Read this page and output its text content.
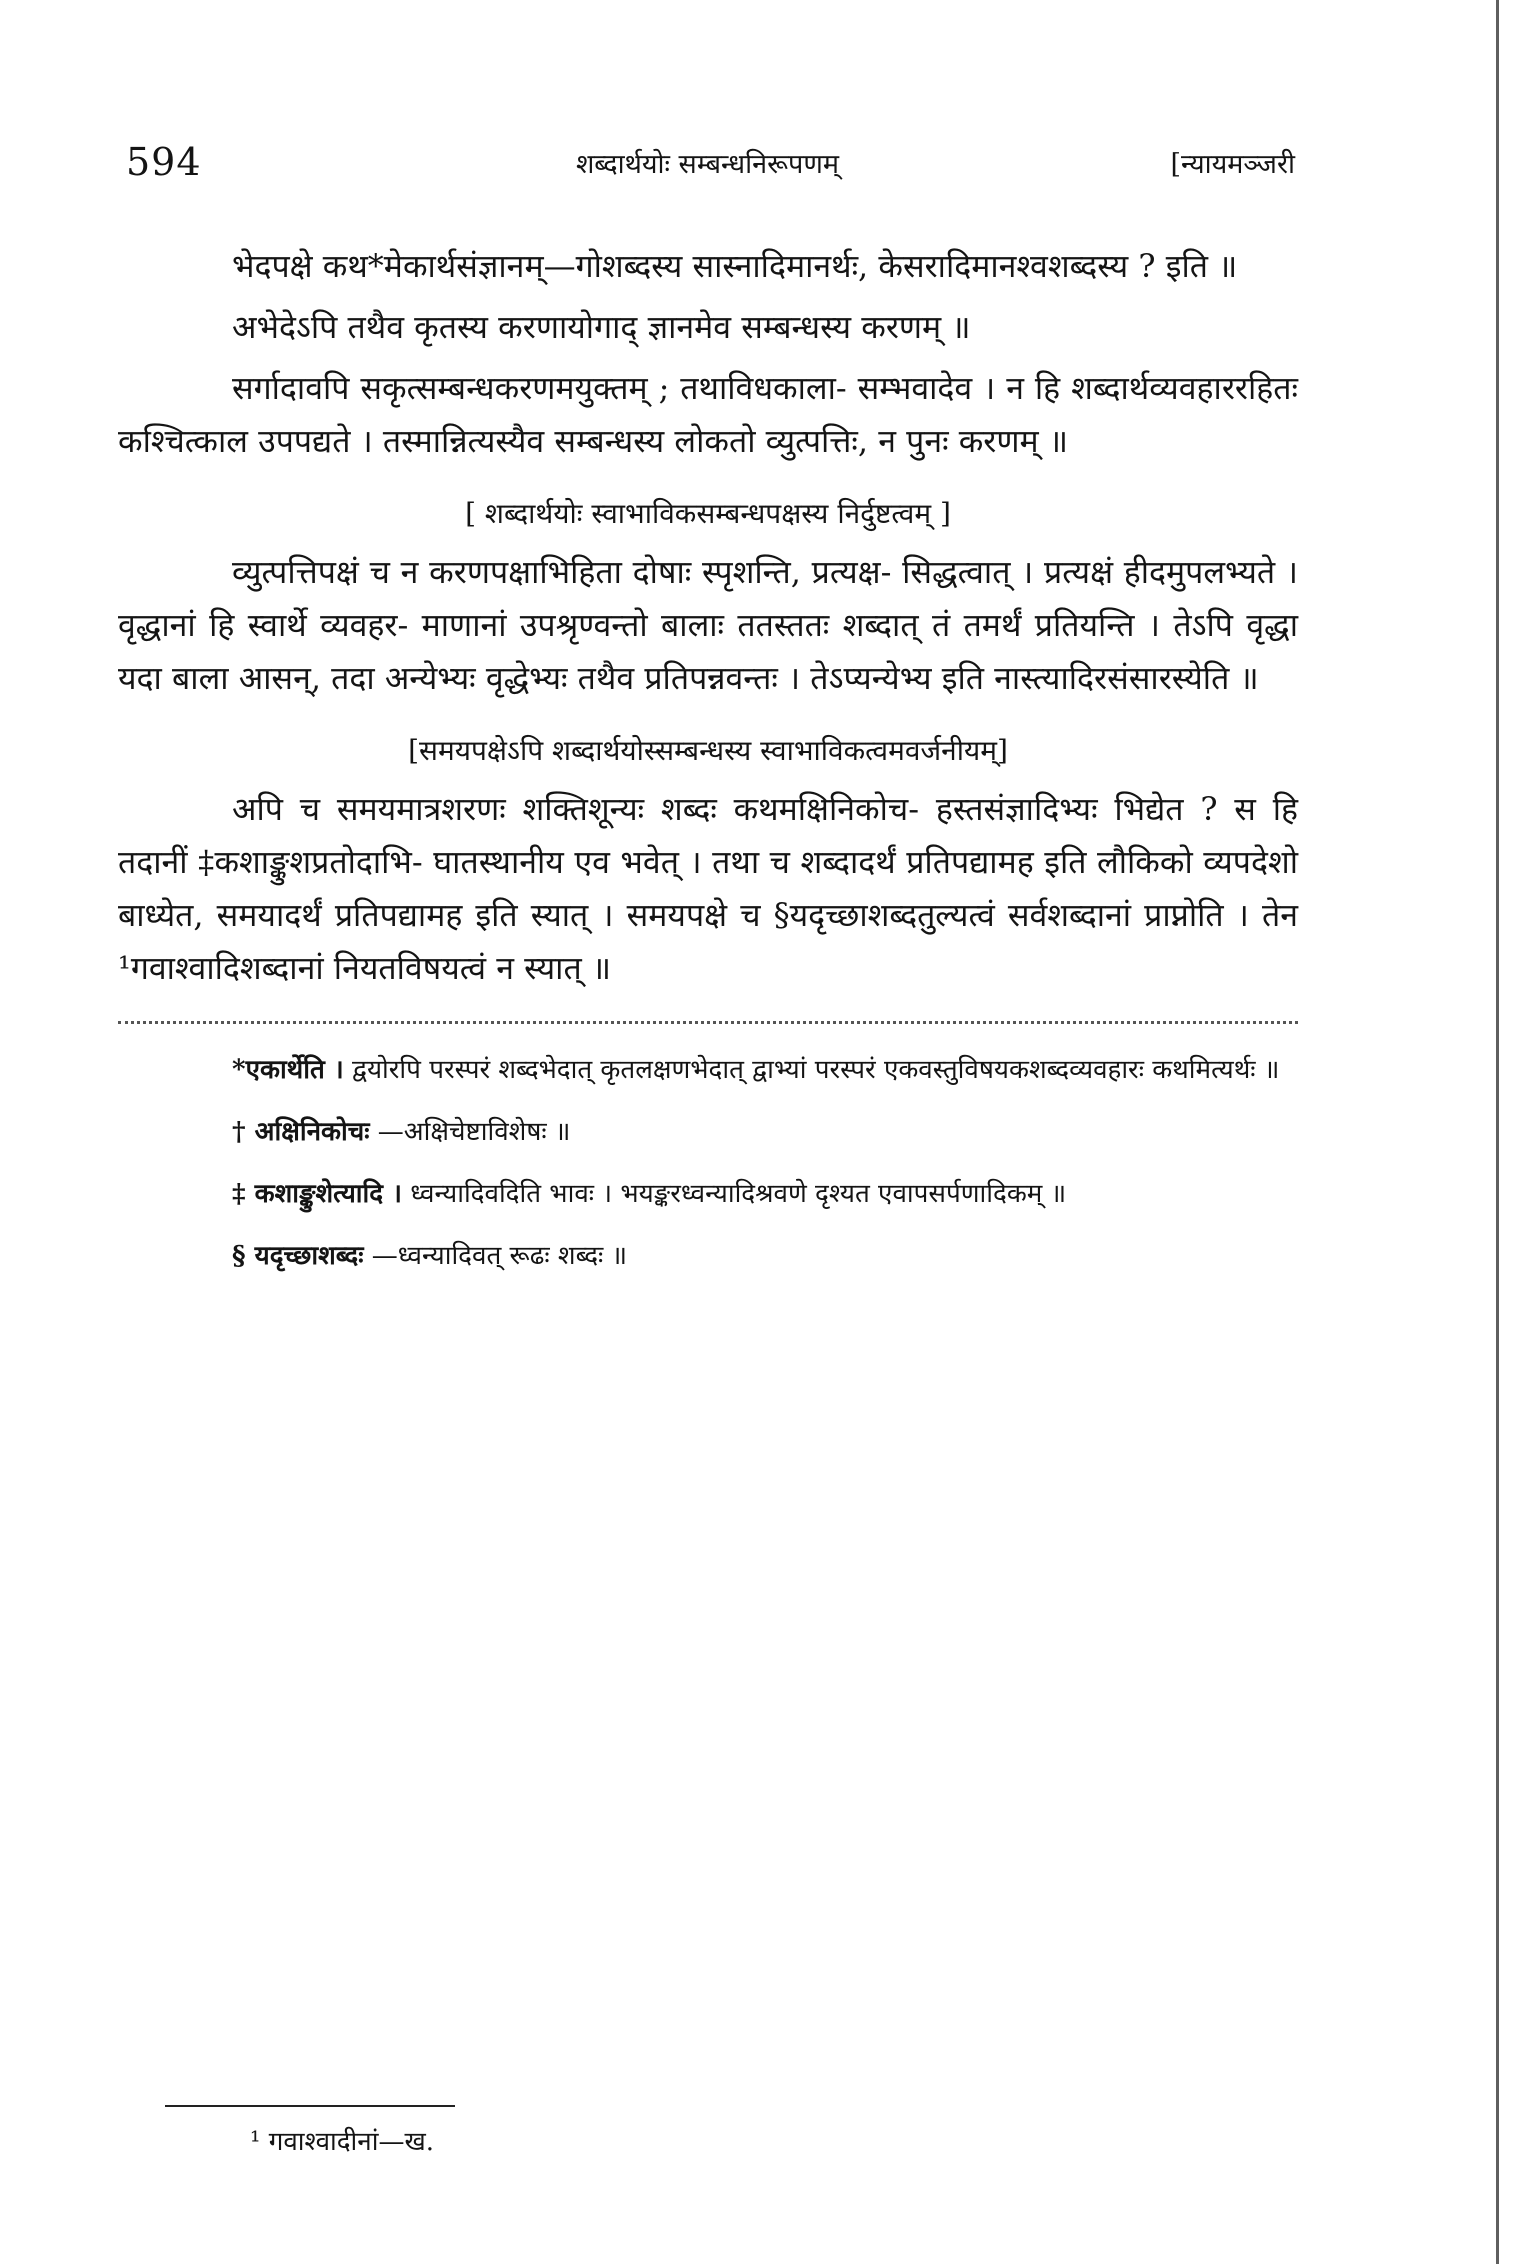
594	शब्दार्थयोः सम्बन्धनिरूपणम्	[न्यायमञ्जरी

भेदपक्षे कथ*मेकार्थसंज्ञानम्—गोशब्दस्य सास्नादिमानर्थः, केसरादिमानश्वशब्दस्य ? इति ॥

अभेदेऽपि तथैव कृतस्य करणायोगाद् ज्ञानमेव सम्बन्धस्य करणम् ॥

सर्गादावपि सकृत्सम्बन्धकरणमयुक्तम् ; तथाविधकाला- सम्भवादेव । न हि शब्दार्थव्यवहाररहितः कश्चित्काल उपपद्यते । तस्मान्नित्यस्यैव सम्बन्धस्य लोकतो व्युत्पत्तिः, न पुनः करणम् ॥

[ शब्दार्थयोः स्वाभाविकसम्बन्धपक्षस्य निर्दुष्टत्वम् ]

व्युत्पत्तिपक्षं च न करणपक्षाभिहिता दोषाः स्पृशन्ति, प्रत्यक्ष- सिद्धत्वात् । प्रत्यक्षं हीदमुपलभ्यते । वृद्धानां हि स्वार्थे व्यवहर- माणानां उपश्रृण्वन्तो बालाः ततस्ततः शब्दात् तं तमर्थं प्रतियन्ति । तेऽपि वृद्धा यदा बाला आसन्, तदा अन्येभ्यः वृद्धेभ्यः तथैव प्रतिपन्नवन्तः । तेऽप्यन्येभ्य इति नास्त्यादिरसंसारस्येति ॥

[समयपक्षेऽपि शब्दार्थयोस्सम्बन्धस्य स्वाभाविकत्वमवर्जनीयम्]

अपि च समयमात्रशरणः शक्तिशून्यः शब्दः कथमक्षिनिकोच- हस्तसंज्ञादिभ्यः भिद्येत ? स हि तदानीं ‡कशाङ्कुशप्रतोदाभि- घातस्थानीय एव भवेत् । तथा च शब्दादर्थं प्रतिपद्यामह इति लौकिको व्यपदेशो बाध्येत, समयादर्थं प्रतिपद्यामह इति स्यात् । समयपक्षे च §यदृच्छाशब्दतुल्यत्वं सर्वशब्दानां प्राप्नोति । तेन ¹गवाश्वादिशब्दानां नियतविषयत्वं न स्यात् ॥

*एकार्थेति । द्वयोरपि परस्परं शब्दभेदात् कृतलक्षणभेदात् द्वाभ्यां परस्परं एकवस्तुविषयकशब्दव्यवहारः कथमित्यर्थः ॥

† अक्षिनिकोचः —अक्षिचेष्टाविशेषः ॥

‡ कशाङ्कुशेत्यादि । ध्वन्यादिवदिति भावः । भयङ्करध्वन्यादिश्रवणे दृश्यत एवापसर्पणादिकम् ॥

§ यदृच्छाशब्दः —ध्वन्यादिवत् रूढः शब्दः ॥

¹ गवाश्वादीनां—ख.
